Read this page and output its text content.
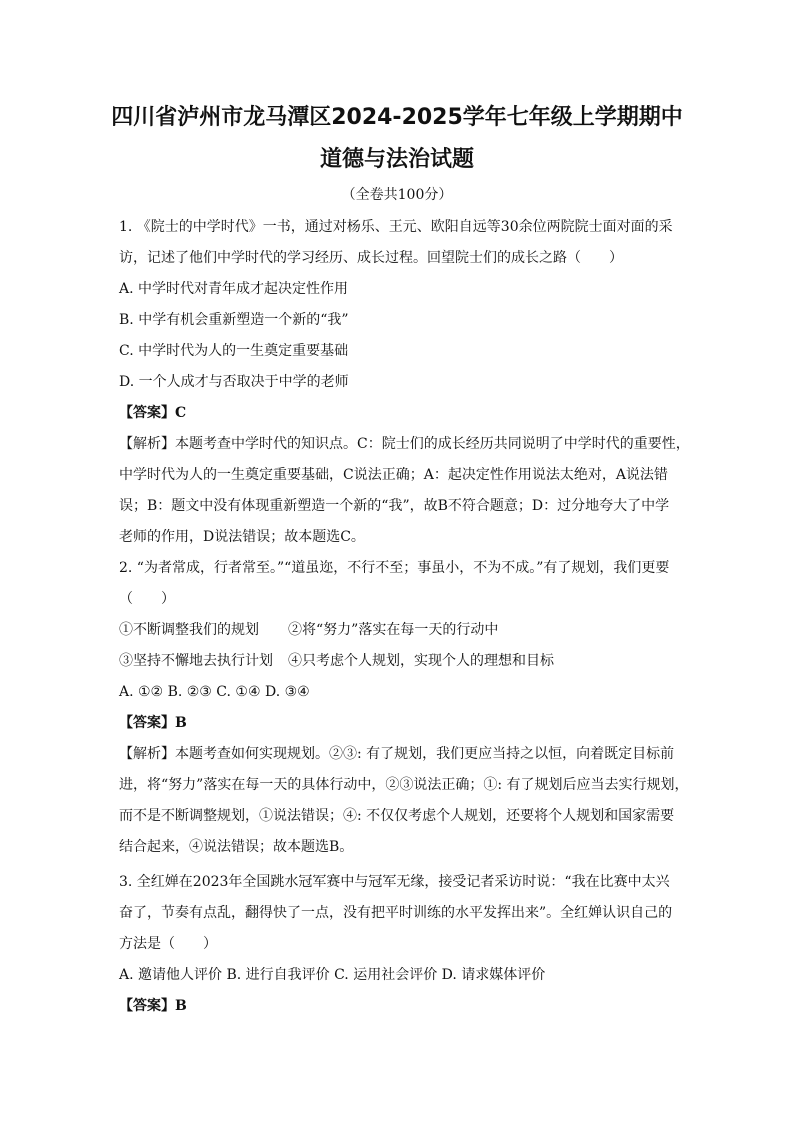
四川省泸州市龙马潭区2024-2025学年七年级上学期期中
道德与法治试题
（全卷共100分）
1. 《院士的中学时代》一书，通过对杨乐、王元、欧阳自远等30余位两院院士面对面的采
访，记述了他们中学时代的学习经历、成长过程。回望院士们的成长之路（　　）
A. 中学时代对青年成才起决定性作用
B. 中学有机会重新塑造一个新的“我”
C. 中学时代为人的一生奠定重要基础
D. 一个人成才与否取决于中学的老师
【答案】C
【解析】本题考查中学时代的知识点。C：院士们的成长经历共同说明了中学时代的重要性，
中学时代为人的一生奠定重要基础，C说法正确；A：起决定性作用说法太绝对，A说法错
误；B：题文中没有体现重新塑造一个新的“我”，故B不符合题意；D：过分地夸大了中学
老师的作用，D说法错误；故本题选C。
2. “为者常成，行者常至。”“道虽迩，不行不至；事虽小，不为不成。”有了规划，我们更要
（　　）
①不断调整我们的规划	②将“努力”落实在每一天的行动中
③坚持不懈地去执行计划	④只考虑个人规划，实现个人的理想和目标
A. ①② B. ②③ C. ①④ D. ③④
【答案】B
【解析】本题考查如何实现规划。②③: 有了规划，我们更应当持之以恒，向着既定目标前
进，将“努力”落实在每一天的具体行动中，②③说法正确；①: 有了规划后应当去实行规划，
而不是不断调整规划，①说法错误；④: 不仅仅考虑个人规划，还要将个人规划和国家需要
结合起来，④说法错误；故本题选B。
3. 全红婵在2023年全国跳水冠军赛中与冠军无缘，接受记者采访时说：“我在比赛中太兴
奋了，节奏有点乱，翻得快了一点，没有把平时训练的水平发挥出来”。全红婵认识自己的
方法是（　　）
A. 邀请他人评价 B. 进行自我评价 C. 运用社会评价 D. 请求媒体评价
【答案】B
